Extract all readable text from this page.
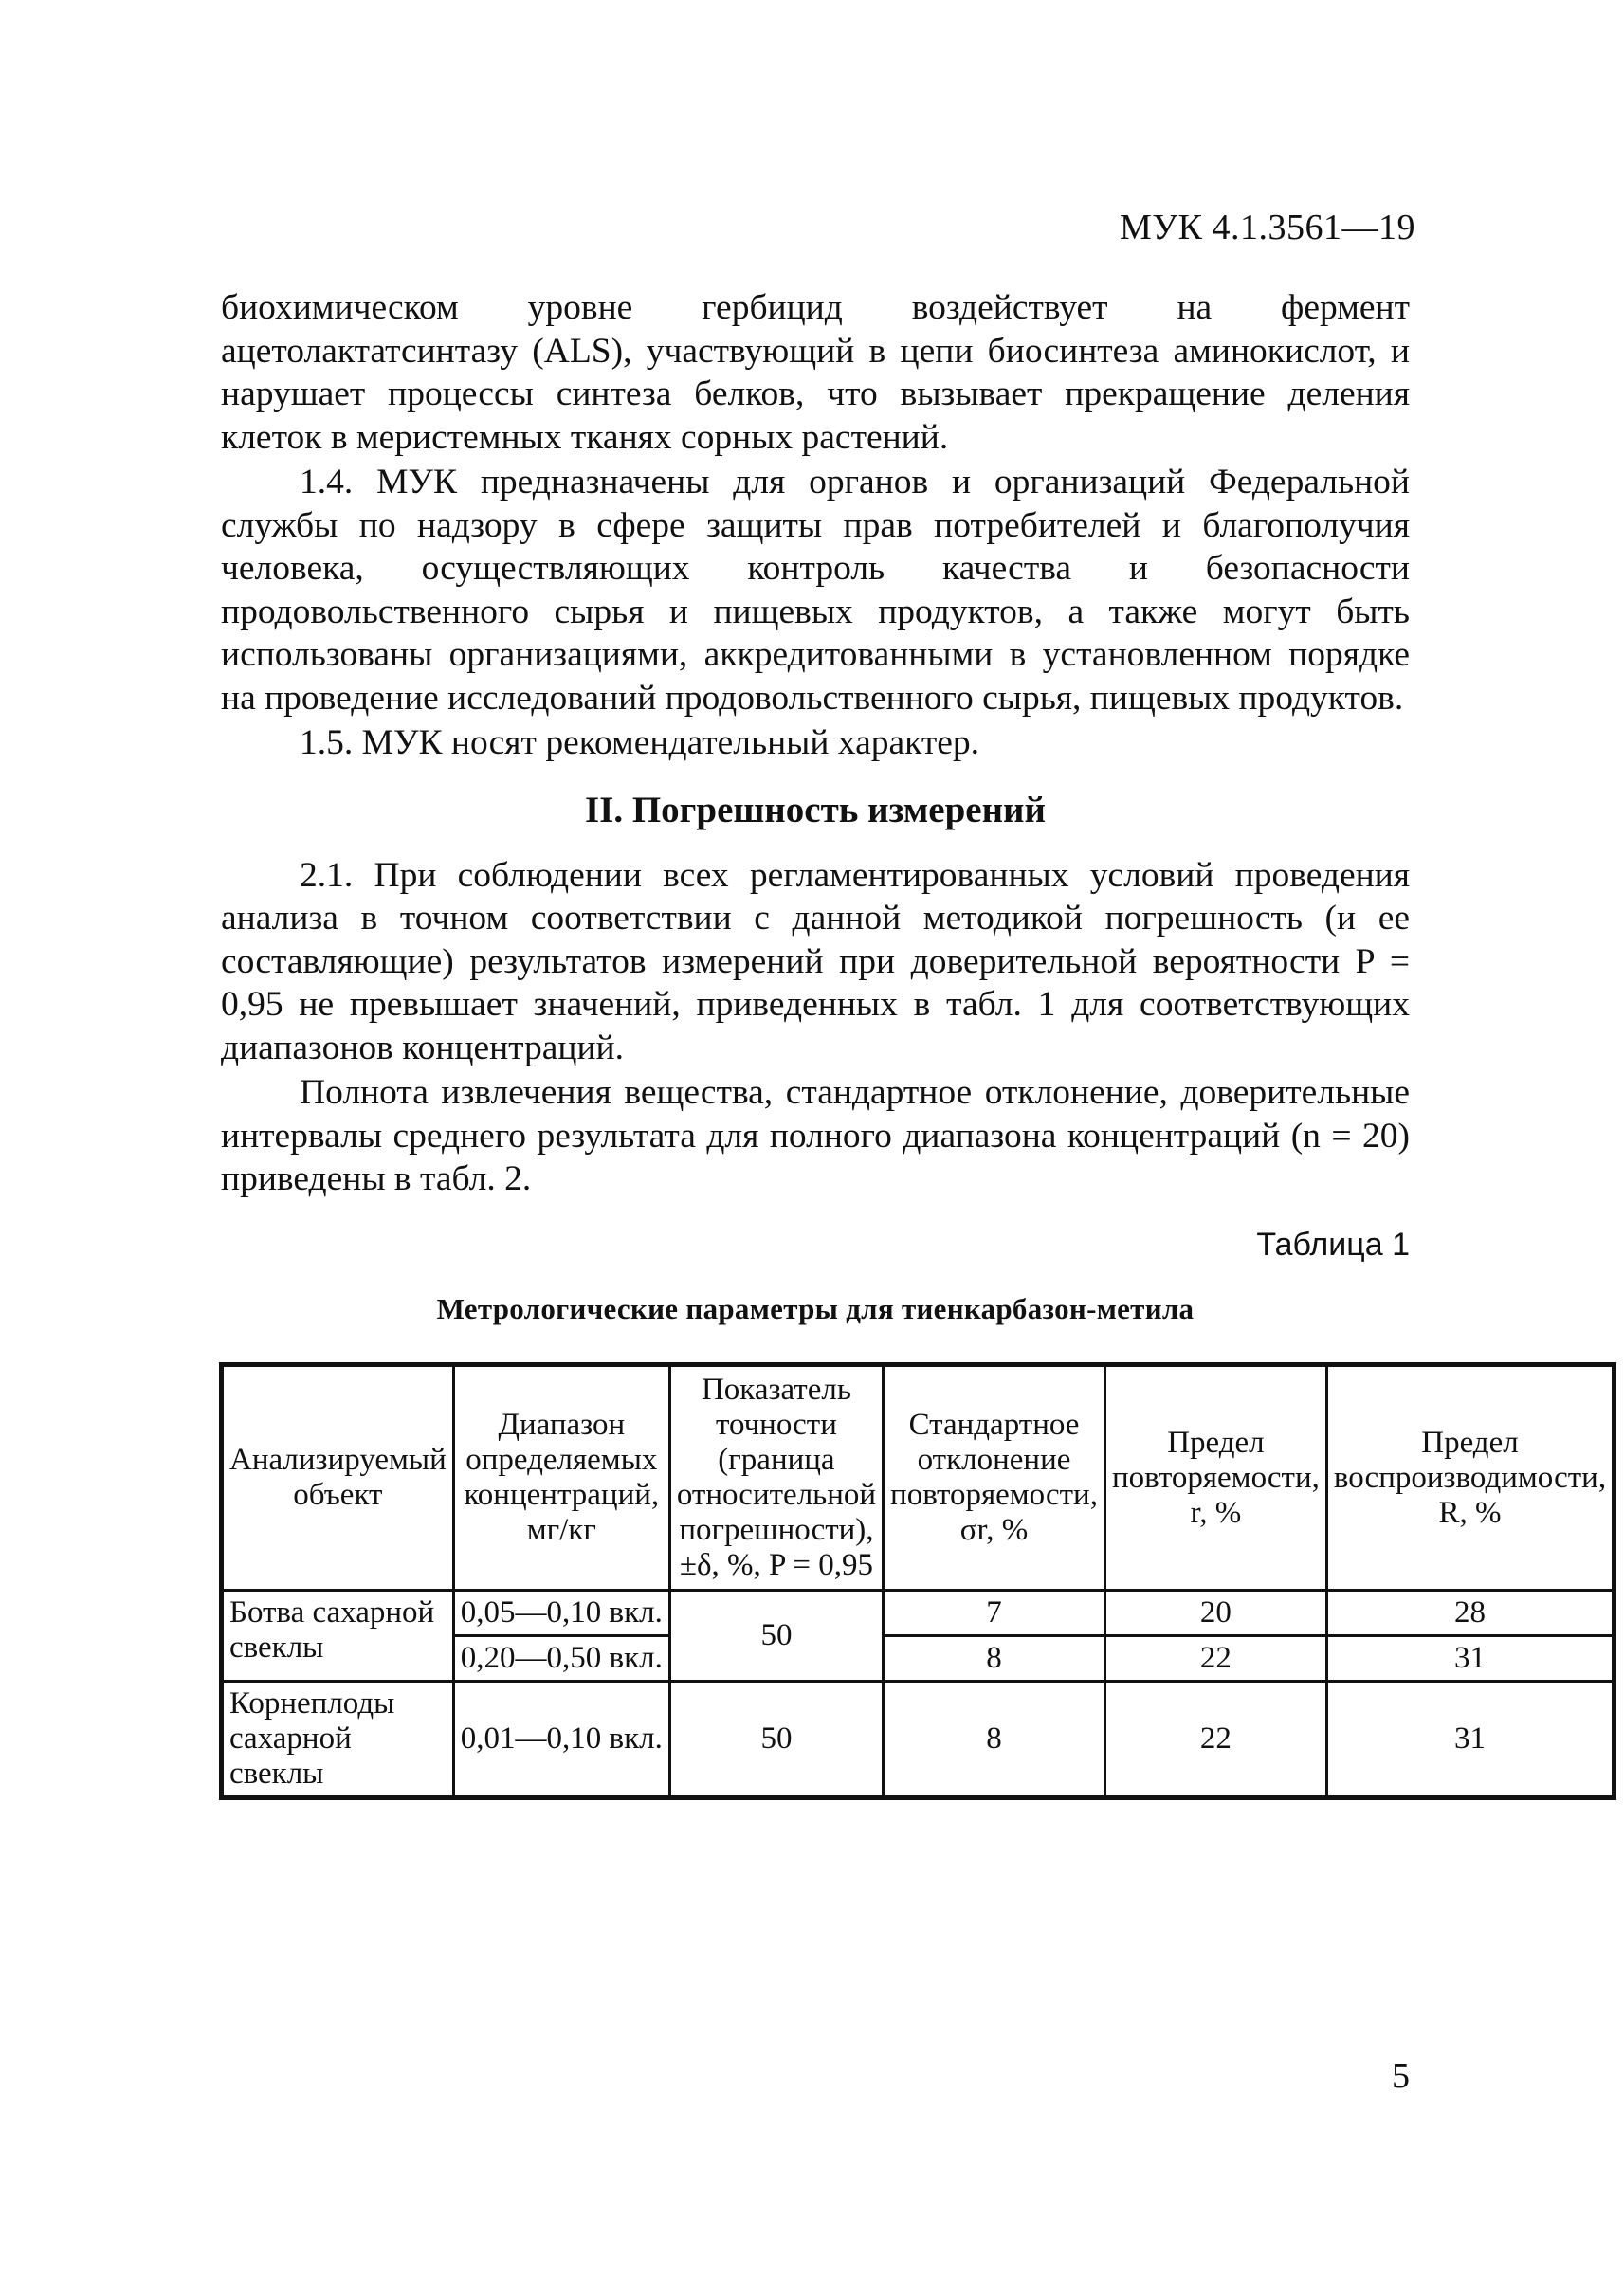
МУК 4.1.3561—19

биохимическом уровне гербицид воздействует на фермент ацетолактатсинтазу (ALS), участвующий в цепи биосинтеза аминокислот, и нарушает процессы синтеза белков, что вызывает прекращение деления клеток в меристемных тканях сорных растений.

1.4. МУК предназначены для органов и организаций Федеральной службы по надзору в сфере защиты прав потребителей и благополучия человека, осуществляющих контроль качества и безопасности продовольственного сырья и пищевых продуктов, а также могут быть использованы организациями, аккредитованными в установленном порядке на проведение исследований продовольственного сырья, пищевых продуктов.

1.5. МУК носят рекомендательный характер.

II. Погрешность измерений

2.1. При соблюдении всех регламентированных условий проведения анализа в точном соответствии с данной методикой погрешность (и ее составляющие) результатов измерений при доверительной вероятности P = 0,95 не превышает значений, приведенных в табл. 1 для соответствующих диапазонов концентраций.

Полнота извлечения вещества, стандартное отклонение, доверительные интервалы среднего результата для полного диапазона концентраций (n = 20) приведены в табл. 2.

Таблица 1
Метрологические параметры для тиенкарбазон-метила
Анализируемый объект	Диапазон определяемых концентраций, мг/кг	Показатель точности (граница относительной погрешности), ±δ, %, P = 0,95	Стандартное отклонение повторяемости, σr, %	Предел повторяемости, r, %	Предел воспроизводимости, R, %
Ботва сахарной свеклы	0,05—0,10 вкл.	50	7	20	28
	0,20—0,50 вкл.		8	22	31
Корнеплоды сахарной свеклы	0,01—0,10 вкл.	50	8	22	31
5
